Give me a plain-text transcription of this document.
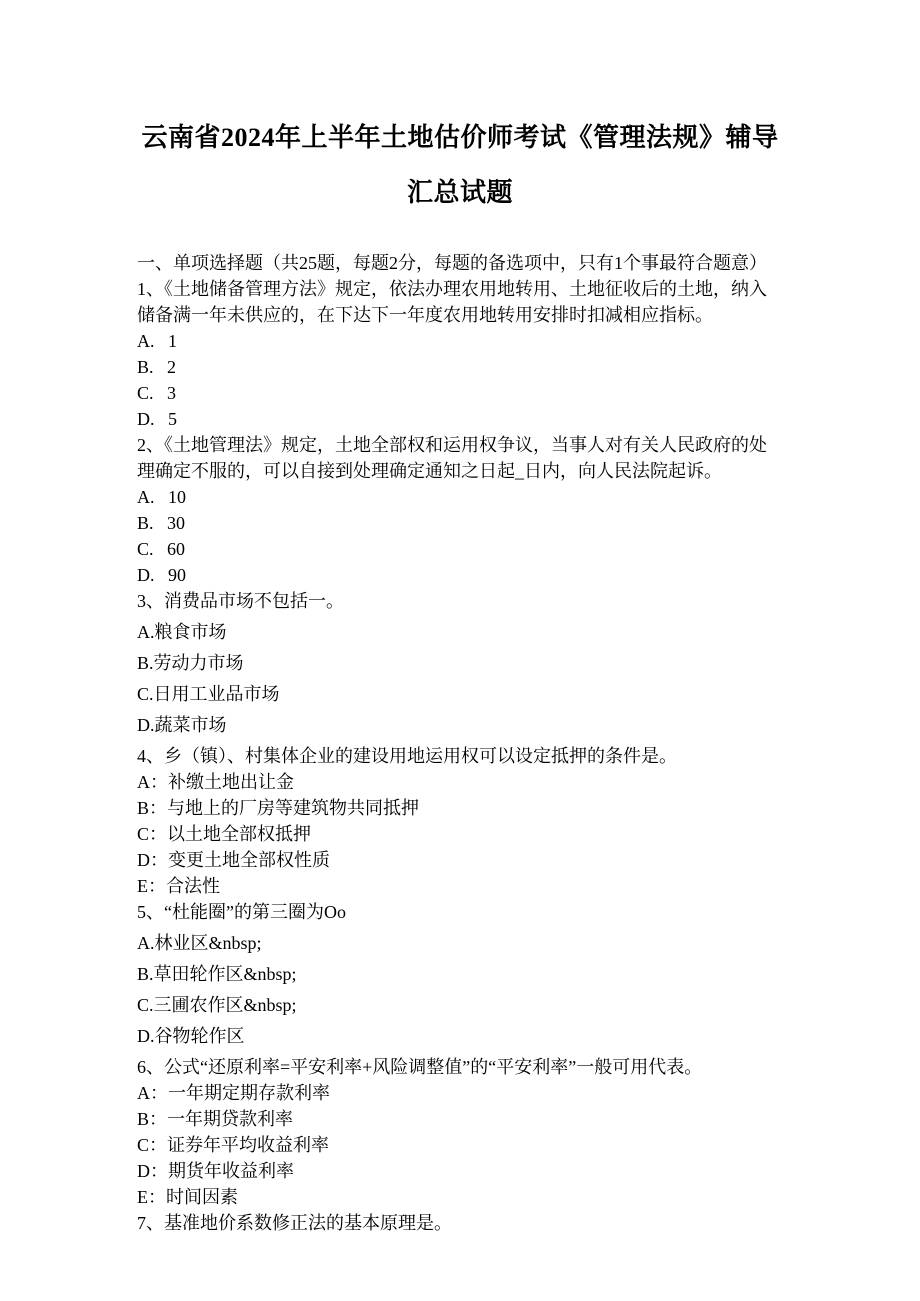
云南省2024年上半年土地估价师考试《管理法规》辅导汇总试题

一、单项选择题（共25题，每题2分，每题的备选项中，只有1个事最符合题意）

1、《土地储备管理方法》规定，依法办理农用地转用、土地征收后的土地，纳入储备满一年未供应的，在下达下一年度农用地转用安排时扣减相应指标。

A.   1

B.   2

C.   3

D.   5

2、《土地管理法》规定，土地全部权和运用权争议，当事人对有关人民政府的处理确定不服的，可以自接到处理确定通知之日起_日内，向人民法院起诉。

A.   10

B.   30

C.   60

D.   90

3、消费品市场不包括一。

A.粮食市场

B.劳动力市场

C.日用工业品市场

D.蔬菜市场

4、乡（镇）、村集体企业的建设用地运用权可以设定抵押的条件是。

A：补缴土地出让金

B：与地上的厂房等建筑物共同抵押

C：以土地全部权抵押

D：变更土地全部权性质

E：合法性

5、“杜能圈”的第三圈为Oo

A.林业区&nbsp;

B.草田轮作区&nbsp;

C.三圃农作区&nbsp;

D.谷物轮作区

6、公式“还原利率=平安利率+风险调整值”的“平安利率”一般可用代表。

A：一年期定期存款利率

B：一年期贷款利率

C：证券年平均收益利率

D：期货年收益利率

E：时间因素

7、基准地价系数修正法的基本原理是。
